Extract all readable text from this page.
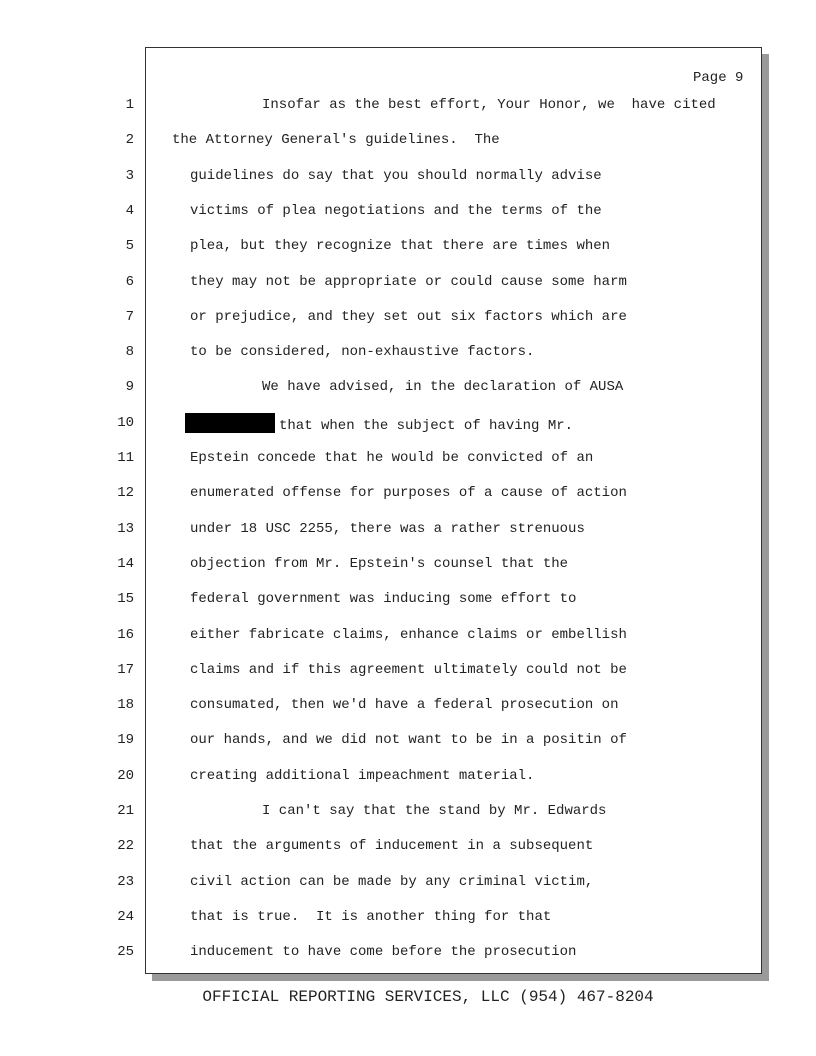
Page 9
1	Insofar as the best effort, Your Honor, we  have cited
2	the Attorney General's guidelines.  The
3	guidelines do say that you should normally advise
4	victims of plea negotiations and the terms of the
5	plea, but they recognize that there are times when
6	they may not be appropriate or could cause some harm
7	or prejudice, and they set out six factors which are
8	to be considered, non-exhaustive factors.
9	We have advised, in the declaration of AUSA
10	that when the subject of having Mr.
11	Epstein concede that he would be convicted of an
12	enumerated offense for purposes of a cause of action
13	under 18 USC 2255, there was a rather strenuous
14	objection from Mr. Epstein's counsel that the
15	federal government was inducing some effort to
16	either fabricate claims, enhance claims or embellish
17	claims and if this agreement ultimately could not be
18	consumated, then we'd have a federal prosecution on
19	our hands, and we did not want to be in a positin of
20	creating additional impeachment material.
21	I can't say that the stand by Mr. Edwards
22	that the arguments of inducement in a subsequent
23	civil action can be made by any criminal victim,
24	that is true.  It is another thing for that
25	inducement to have come before the prosecution
OFFICIAL REPORTING SERVICES, LLC (954) 467-8204
